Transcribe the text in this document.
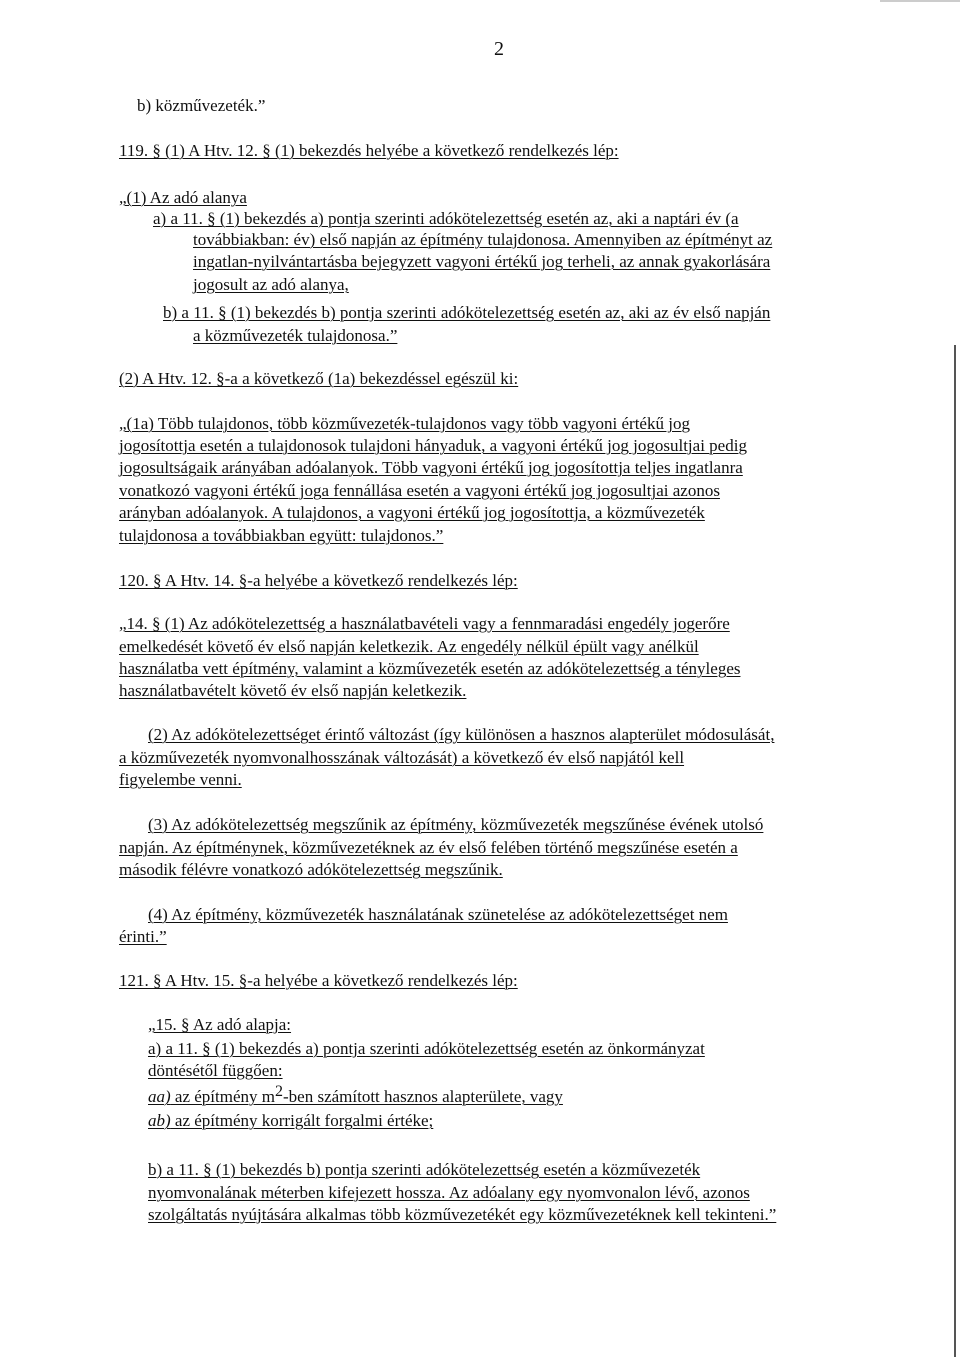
2
b) közművezeték.”
119. § (1) A Htv. 12. § (1) bekezdés helyébe a következő rendelkezés lép:
„(1) Az adó alanya
a) a 11. § (1) bekezdés a) pontja szerinti adókötelezettség esetén az, aki a naptári év (a
továbbiakban: év) első napján az építmény tulajdonosa. Amennyiben az építményt az
ingatlan-nyilvántartásba bejegyzett vagyoni értékű jog terheli, az annak gyakorlására
jogosult az adó alanya,
b) a 11. § (1) bekezdés b) pontja szerinti adókötelezettség esetén az, aki az év első napján
a közművezeték tulajdonosa.”
(2) A Htv. 12. §-a a következő (1a) bekezdéssel egészül ki:
„(1a) Több tulajdonos, több közművezeték-tulajdonos vagy több vagyoni értékű jog
jogosítottja esetén a tulajdonosok tulajdoni hányaduk, a vagyoni értékű jog jogosultjai pedig
jogosultságaik arányában adóalanyok. Több vagyoni értékű jog jogosítottja teljes ingatlanra
vonatkozó vagyoni értékű joga fennállása esetén a vagyoni értékű jog jogosultjai azonos
arányban adóalanyok. A tulajdonos, a vagyoni értékű jog jogosítottja, a közművezeték
tulajdonosa a továbbiakban együtt: tulajdonos.”
120. § A Htv. 14. §-a helyébe a következő rendelkezés lép:
„14. § (1) Az adókötelezettség a használatbavételi vagy a fennmaradási engedély jogerőre
emelkedését követő év első napján keletkezik. Az engedély nélkül épült vagy anélkül
használatba vett építmény, valamint a közművezeték esetén az adókötelezettség a tényleges
használatbavételt követő év első napján keletkezik.
(2) Az adókötelezettséget érintő változást (így különösen a hasznos alapterület módosulását,
a közművezeték nyomvonalhosszának változását) a következő év első napjától kell
figyelembe venni.
(3) Az adókötelezettség megszűnik az építmény, közművezeték megszűnése évének utolsó
napján. Az építménynek, közművezetéknek az év első felében történő megszűnése esetén a
második félévre vonatkozó adókötelezettség megszűnik.
(4) Az építmény, közművezeték használatának szünetelése az adókötelezettséget nem
érinti.”
121. § A Htv. 15. §-a helyébe a következő rendelkezés lép:
„15. § Az adó alapja:
a) a 11. § (1) bekezdés a) pontja szerinti adókötelezettség esetén az önkormányzat
döntésétől függően:
aa) az építmény $m^2$-ben számított hasznos alapterülete, vagy
ab) az építmény korrigált forgalmi értéke;
b) a 11. § (1) bekezdés b) pontja szerinti adókötelezettség esetén a közművezeték
nyomvonalának méterben kifejezett hossza. Az adóalany egy nyomvonalon lévő, azonos
szolgáltatás nyújtására alkalmas több közművezetékét egy közművezetéknek kell tekinteni.”
